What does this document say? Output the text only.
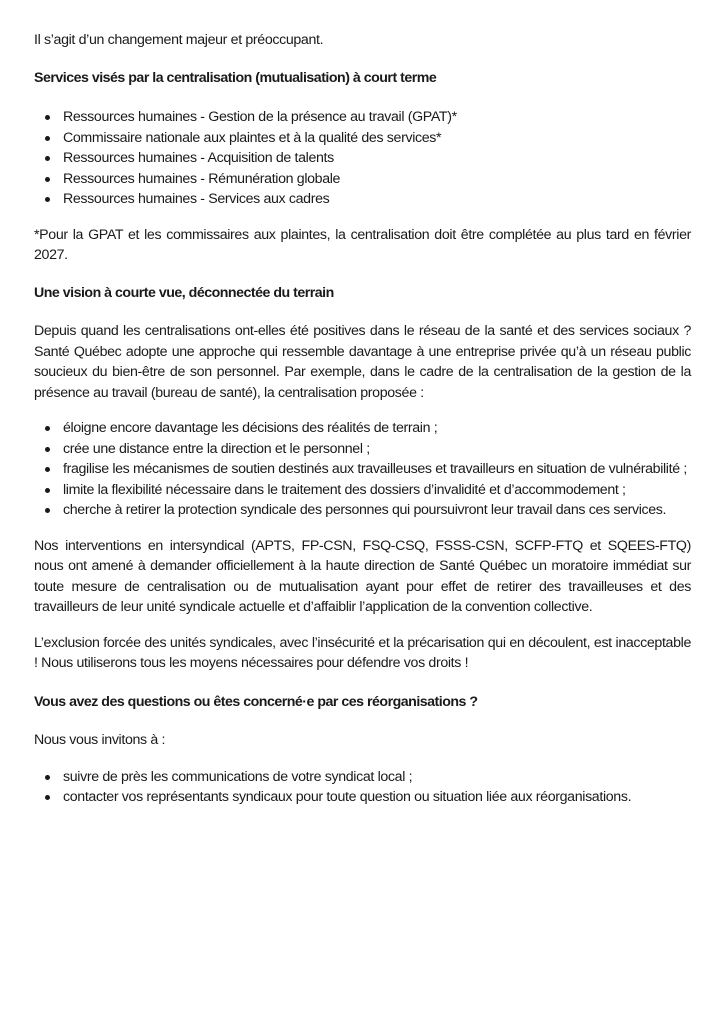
Il s’agit d’un changement majeur et préoccupant.

Services visés par la centralisation (mutualisation) à court terme

Ressources humaines - Gestion de la présence au travail (GPAT)*
Commissaire nationale aux plaintes et à la qualité des services*
Ressources humaines - Acquisition de talents
Ressources humaines - Rémunération globale
Ressources humaines - Services aux cadres

*Pour la GPAT et les commissaires aux plaintes, la centralisation doit être complétée au plus tard en février 2027.

Une vision à courte vue, déconnectée du terrain

Depuis quand les centralisations ont-elles été positives dans le réseau de la santé et des services sociaux ? Santé Québec adopte une approche qui ressemble davantage à une entreprise privée qu’à un réseau public soucieux du bien-être de son personnel. Par exemple, dans le cadre de la centralisation de la gestion de la présence au travail (bureau de santé), la centralisation proposée :

éloigne encore davantage les décisions des réalités de terrain ;
crée une distance entre la direction et le personnel ;
fragilise les mécanismes de soutien destinés aux travailleuses et travailleurs en situation de vulnérabilité ;
limite la flexibilité nécessaire dans le traitement des dossiers d’invalidité et d’accommodement ;
cherche à retirer la protection syndicale des personnes qui poursuivront leur travail dans ces services.

Nos interventions en intersyndical (APTS, FP-CSN, FSQ-CSQ, FSSS-CSN, SCFP-FTQ et SQEES-FTQ) nous ont amené à demander officiellement à la haute direction de Santé Québec un moratoire immédiat sur toute mesure de centralisation ou de mutualisation ayant pour effet de retirer des travailleuses et des travailleurs de leur unité syndicale actuelle et d’affaiblir l’application de la convention collective.

L’exclusion forcée des unités syndicales, avec l’insécurité et la précarisation qui en découlent, est inacceptable ! Nous utiliserons tous les moyens nécessaires pour défendre vos droits !

Vous avez des questions ou êtes concerné·e par ces réorganisations ?

Nous vous invitons à :

suivre de près les communications de votre syndicat local ;
contacter vos représentants syndicaux pour toute question ou situation liée aux réorganisations.
